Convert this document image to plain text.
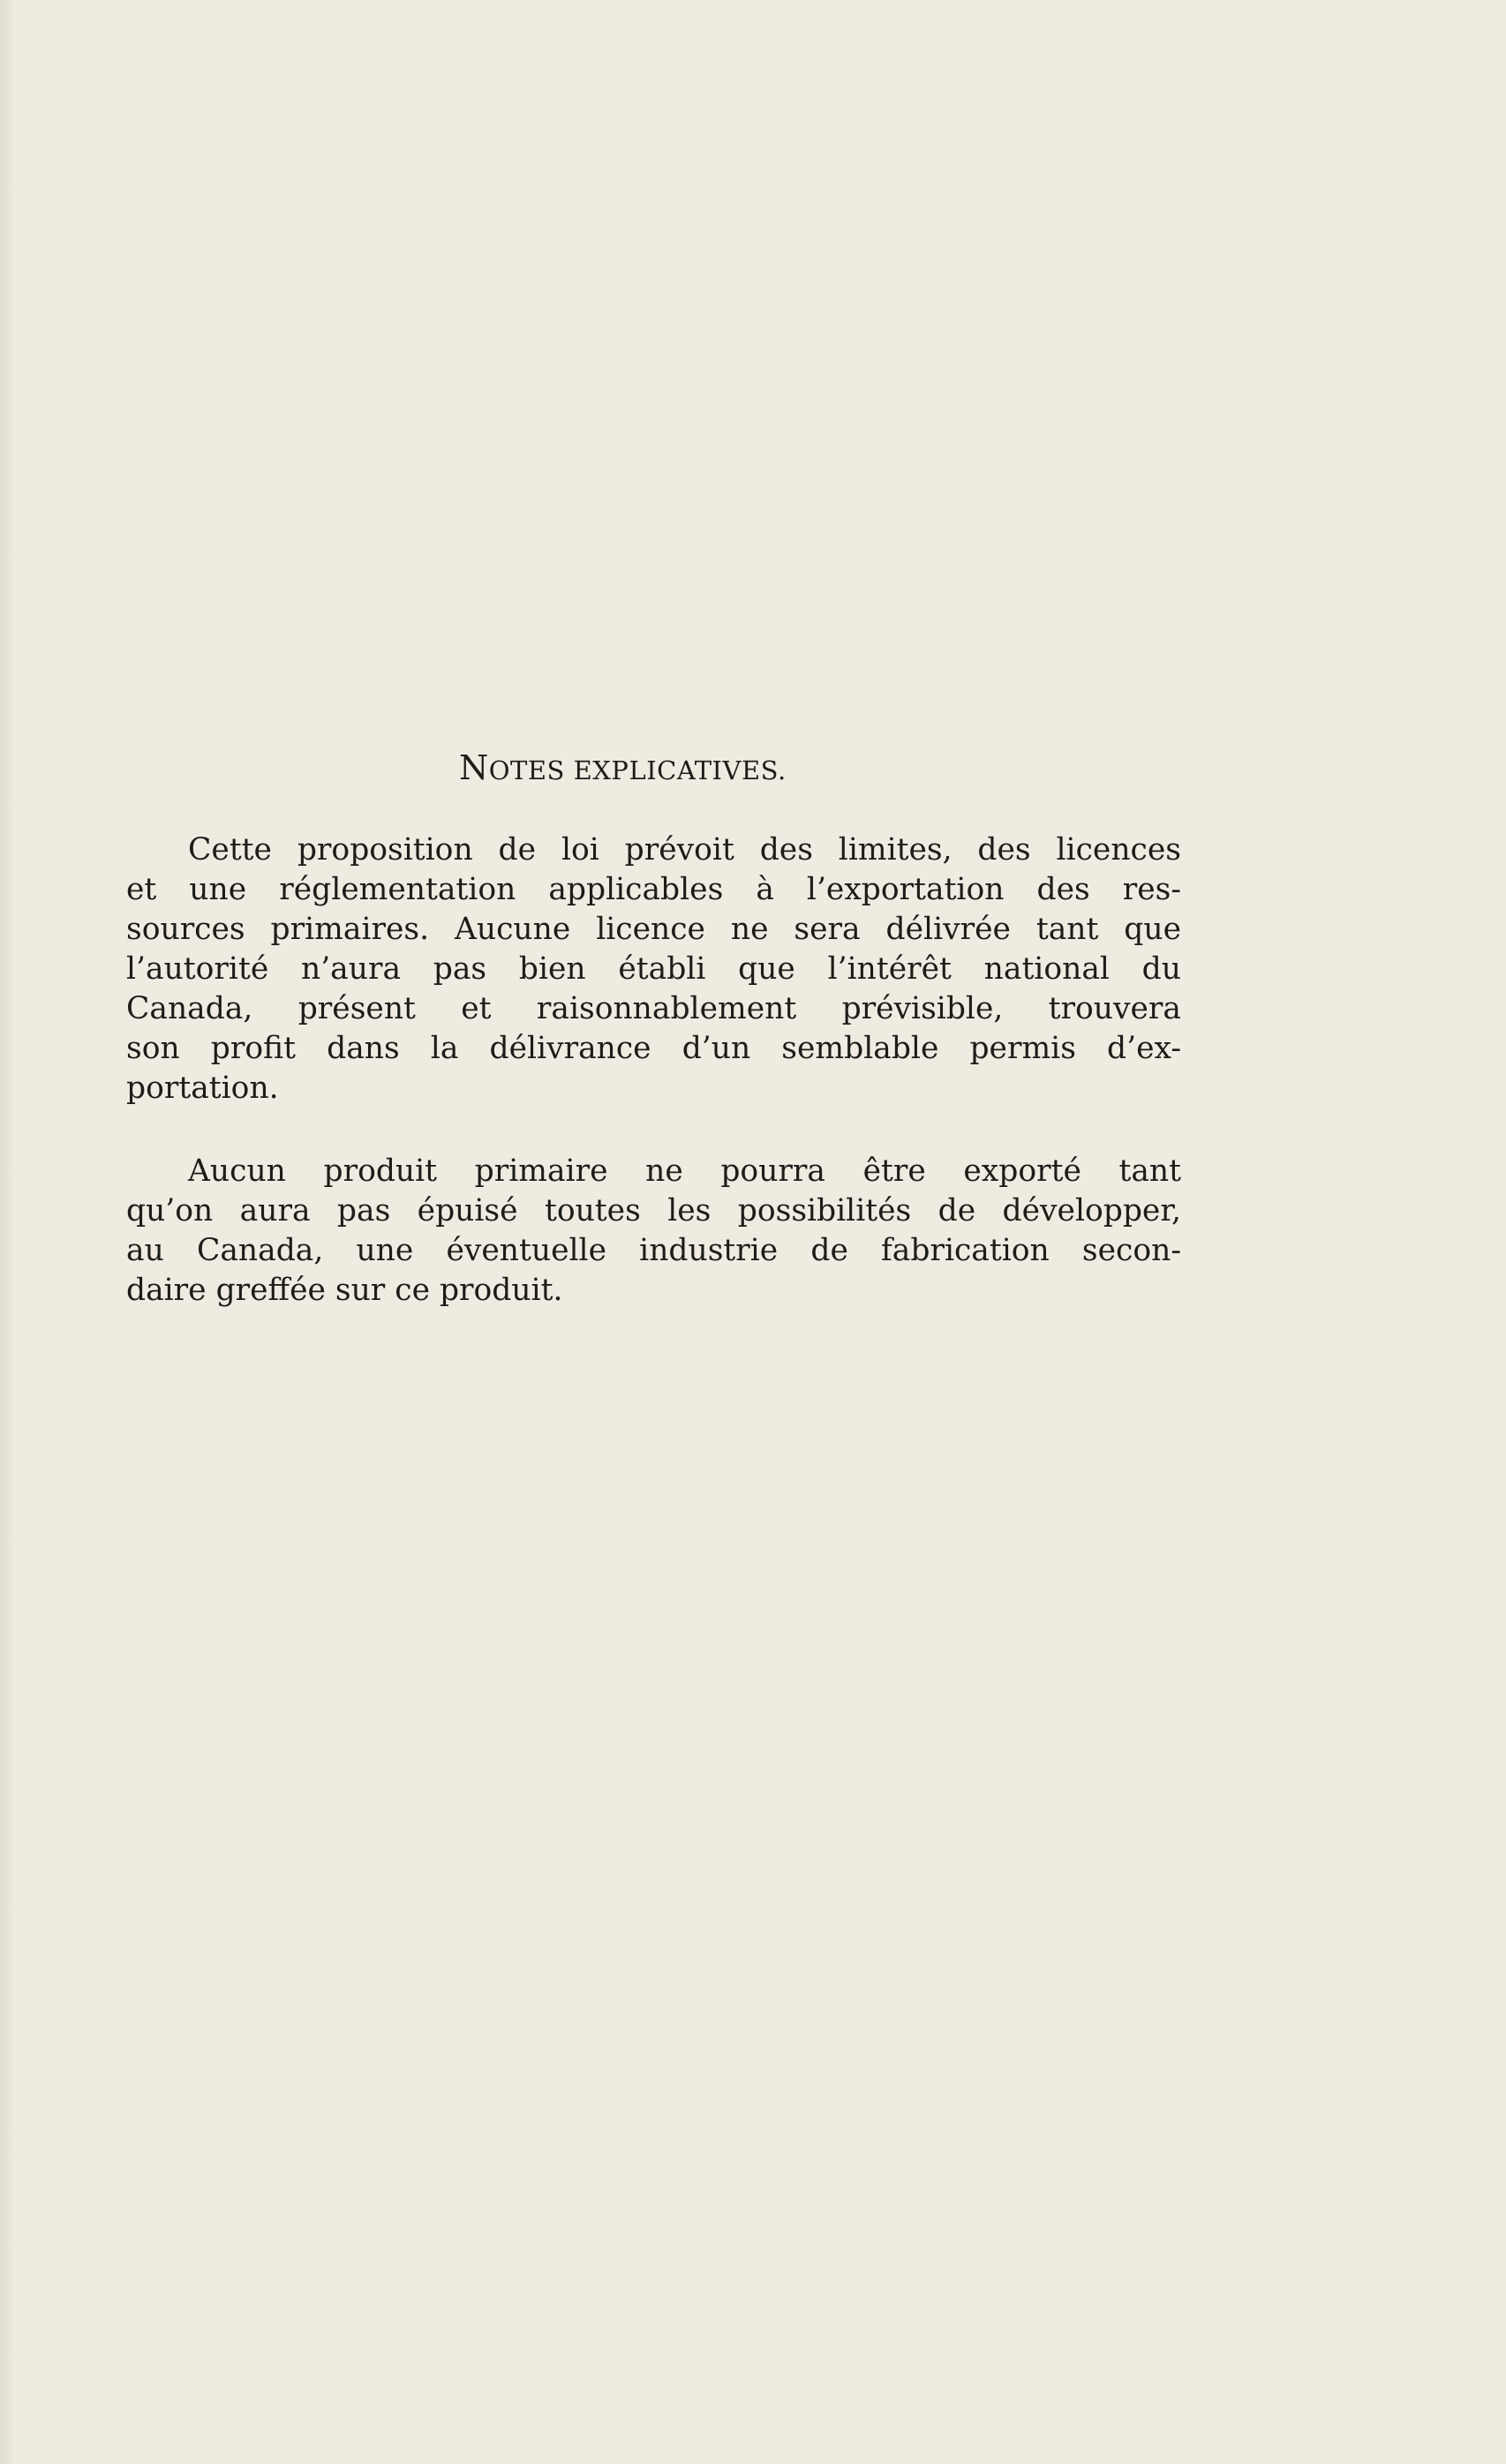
NOTES EXPLICATIVES.
Cette proposition de loi prévoit des limites, des licences
et une réglementation applicables à l’exportation des res-
sources primaires. Aucune licence ne sera délivrée tant que
l’autorité n’aura pas bien établi que l’intérêt national du
Canada, présent et raisonnablement prévisible, trouvera
son profit dans la délivrance d’un semblable permis d’ex-
portation.
Aucun produit primaire ne pourra être exporté tant
qu’on aura pas épuisé toutes les possibilités de développer,
au Canada, une éventuelle industrie de fabrication secon-
daire greffée sur ce produit.
